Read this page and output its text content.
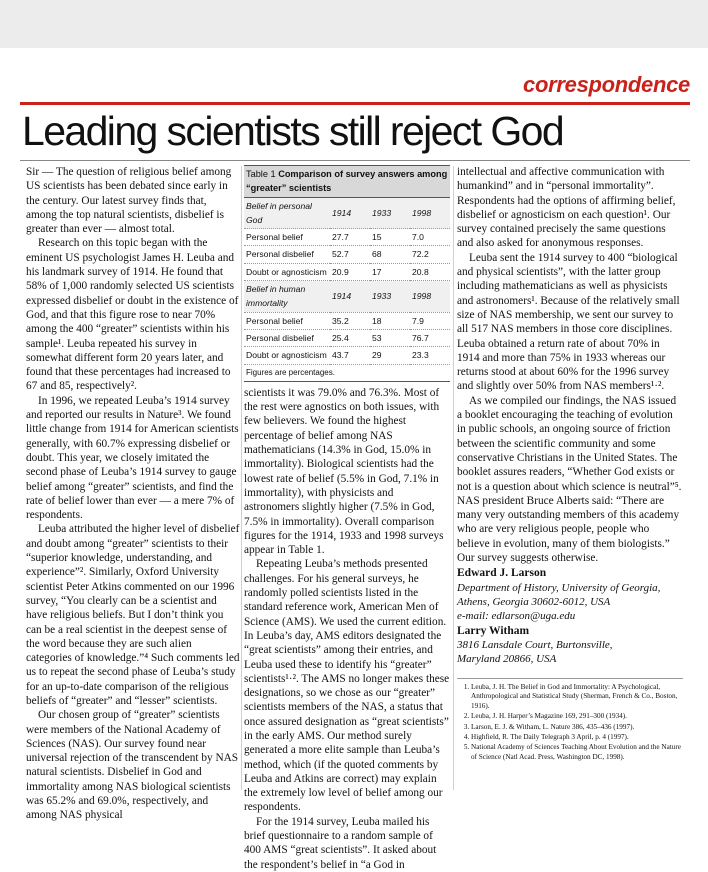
correspondence
Leading scientists still reject God

Sir — The question of religious belief among US scientists has been debated since early in the century. Our latest survey finds that, among the top natural scientists, disbelief is greater than ever — almost total.

Research on this topic began with the eminent US psychologist James H. Leuba and his landmark survey of 1914. He found that 58% of 1,000 randomly selected US scientists expressed disbelief or doubt in the existence of God, and that this figure rose to near 70% among the 400 “greater” scientists within his sample¹. Leuba repeated his survey in somewhat different form 20 years later, and found that these percentages had increased to 67 and 85, respectively².

In 1996, we repeated Leuba’s 1914 survey and reported our results in Nature³. We found little change from 1914 for American scientists generally, with 60.7% expressing disbelief or doubt. This year, we closely imitated the second phase of Leuba’s 1914 survey to gauge belief among “greater” scientists, and find the rate of belief lower than ever — a mere 7% of respondents.

Leuba attributed the higher level of disbelief and doubt among “greater” scientists to their “superior knowledge, understanding, and experience”². Similarly, Oxford University scientist Peter Atkins commented on our 1996 survey, “You clearly can be a scientist and have religious beliefs. But I don’t think you can be a real scientist in the deepest sense of the word because they are such alien categories of knowledge.”⁴ Such comments led us to repeat the second phase of Leuba’s study for an up-to-date comparison of the religious beliefs of “greater” and “lesser” scientists.

Our chosen group of “greater” scientists were members of the National Academy of Sciences (NAS). Our survey found near universal rejection of the transcendent by NAS natural scientists. Disbelief in God and immortality among NAS biological scientists was 65.2% and 69.0%, respectively, and among NAS physical

Table 1 Comparison of survey answers among “greater” scientists			
Belief in personal God	1914	1933	1998
Personal belief	27.7	15	7.0
Personal disbelief	52.7	68	72.2
Doubt or agnosticism	20.9	17	20.8
Belief in human immortality	1914	1933	1998
Personal belief	35.2	18	7.9
Personal disbelief	25.4	53	76.7
Doubt or agnosticism	43.7	29	23.3
Figures are percentages.			

scientists it was 79.0% and 76.3%. Most of the rest were agnostics on both issues, with few believers. We found the highest percentage of belief among NAS mathematicians (14.3% in God, 15.0% in immortality). Biological scientists had the lowest rate of belief (5.5% in God, 7.1% in immortality), with physicists and astronomers slightly higher (7.5% in God, 7.5% in immortality). Overall comparison figures for the 1914, 1933 and 1998 surveys appear in Table 1.

Repeating Leuba’s methods presented challenges. For his general surveys, he randomly polled scientists listed in the standard reference work, American Men of Science (AMS). We used the current edition. In Leuba’s day, AMS editors designated the “great scientists” among their entries, and Leuba used these to identify his “greater” scientists¹·². The AMS no longer makes these designations, so we chose as our “greater” scientists members of the NAS, a status that once assured designation as “great scientists” in the early AMS. Our method surely generated a more elite sample than Leuba’s method, which (if the quoted comments by Leuba and Atkins are correct) may explain the extremely low level of belief among our respondents.

For the 1914 survey, Leuba mailed his brief questionnaire to a random sample of 400 AMS “great scientists”. It asked about the respondent’s belief in “a God in

intellectual and affective communication with humankind” and in “personal immortality”. Respondents had the options of affirming belief, disbelief or agnosticism on each question¹. Our survey contained precisely the same questions and also asked for anonymous responses.

Leuba sent the 1914 survey to 400 “biological and physical scientists”, with the latter group including mathematicians as well as physicists and astronomers¹. Because of the relatively small size of NAS membership, we sent our survey to all 517 NAS members in those core disciplines. Leuba obtained a return rate of about 70% in 1914 and more than 75% in 1933 whereas our returns stood at about 60% for the 1996 survey and slightly over 50% from NAS members¹·².

As we compiled our findings, the NAS issued a booklet encouraging the teaching of evolution in public schools, an ongoing source of friction between the scientific community and some conservative Christians in the United States. The booklet assures readers, “Whether God exists or not is a question about which science is neutral”⁵. NAS president Bruce Alberts said: “There are many very outstanding members of this academy who are very religious people, people who believe in evolution, many of them biologists.” Our survey suggests otherwise.

Edward J. Larson
Department of History, University of Georgia,
Athens, Georgia 30602-6012, USA
e-mail: edlarson@uga.edu
Larry Witham
3816 Lansdale Court, Burtonsville,
Maryland 20866, USA
1. Leuba, J. H. The Belief in God and Immortality: A Psychological, Anthropological and Statistical Study (Sherman, French & Co., Boston, 1916).
2. Leuba, J. H. Harper’s Magazine 169, 291–300 (1934).
3. Larson, E. J. & Witham, L. Nature 386, 435–436 (1997).
4. Highfield, R. The Daily Telegraph 3 April, p. 4 (1997).
5. National Academy of Sciences Teaching About Evolution and the Nature of Science (Natl Acad. Press, Washington DC, 1998).
